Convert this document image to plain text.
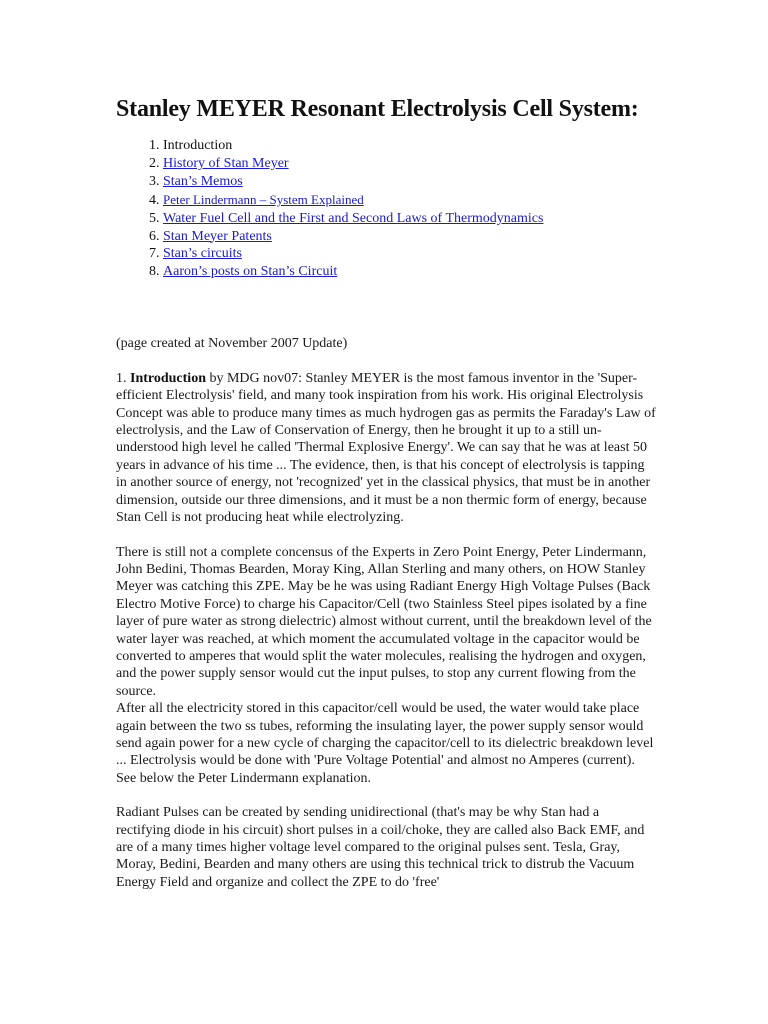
Stanley MEYER Resonant Electrolysis Cell System:
1. Introduction
2. History of Stan Meyer
3. Stan’s Memos
4. Peter Lindermann – System Explained
5. Water Fuel Cell and the First and Second Laws of Thermodynamics
6. Stan Meyer Patents
7. Stan’s circuits
8. Aaron’s posts on Stan’s Circuit
(page created at November 2007 Update)

1. Introduction by MDG nov07: Stanley MEYER is the most famous inventor in the 'Super-efficient Electrolysis' field, and many took inspiration from his work. His original Electrolysis Concept was able to produce many times as much hydrogen gas as permits the Faraday's Law of electrolysis, and the Law of Conservation of Energy, then he brought it up to a still un-understood high level he called 'Thermal Explosive Energy'. We can say that he was at least 50 years in advance of his time ... The evidence, then, is that his concept of electrolysis is tapping in another source of energy, not 'recognized' yet in the classical physics, that must be in another dimension, outside our three dimensions, and it must be a non thermic form of energy, because Stan Cell is not producing heat while electrolyzing.

There is still not a complete concensus of the Experts in Zero Point Energy, Peter Lindermann, John Bedini, Thomas Bearden, Moray King, Allan Sterling and many others, on HOW Stanley Meyer was catching this ZPE. May be he was using Radiant Energy High Voltage Pulses (Back Electro Motive Force) to charge his Capacitor/Cell (two Stainless Steel pipes isolated by a fine layer of pure water as strong dielectric) almost without current, until the breakdown level of the water layer was reached, at which moment the accumulated voltage in the capacitor would be converted to amperes that would split the water molecules, realising the hydrogen and oxygen, and the power supply sensor would cut the input pulses, to stop any current flowing from the source.

After all the electricity stored in this capacitor/cell would be used, the water would take place again between the two ss tubes, reforming the insulating layer, the power supply sensor would send again power for a new cycle of charging the capacitor/cell to its dielectric breakdown level ... Electrolysis would be done with 'Pure Voltage Potential' and almost no Amperes (current). See below the Peter Lindermann explanation.

Radiant Pulses can be created by sending unidirectional (that's may be why Stan had a rectifying diode in his circuit) short pulses in a coil/choke, they are called also Back EMF, and are of a many times higher voltage level compared to the original pulses sent. Tesla, Gray, Moray, Bedini, Bearden and many others are using this technical trick to distrub the Vacuum Energy Field and organize and collect the ZPE to do 'free'
